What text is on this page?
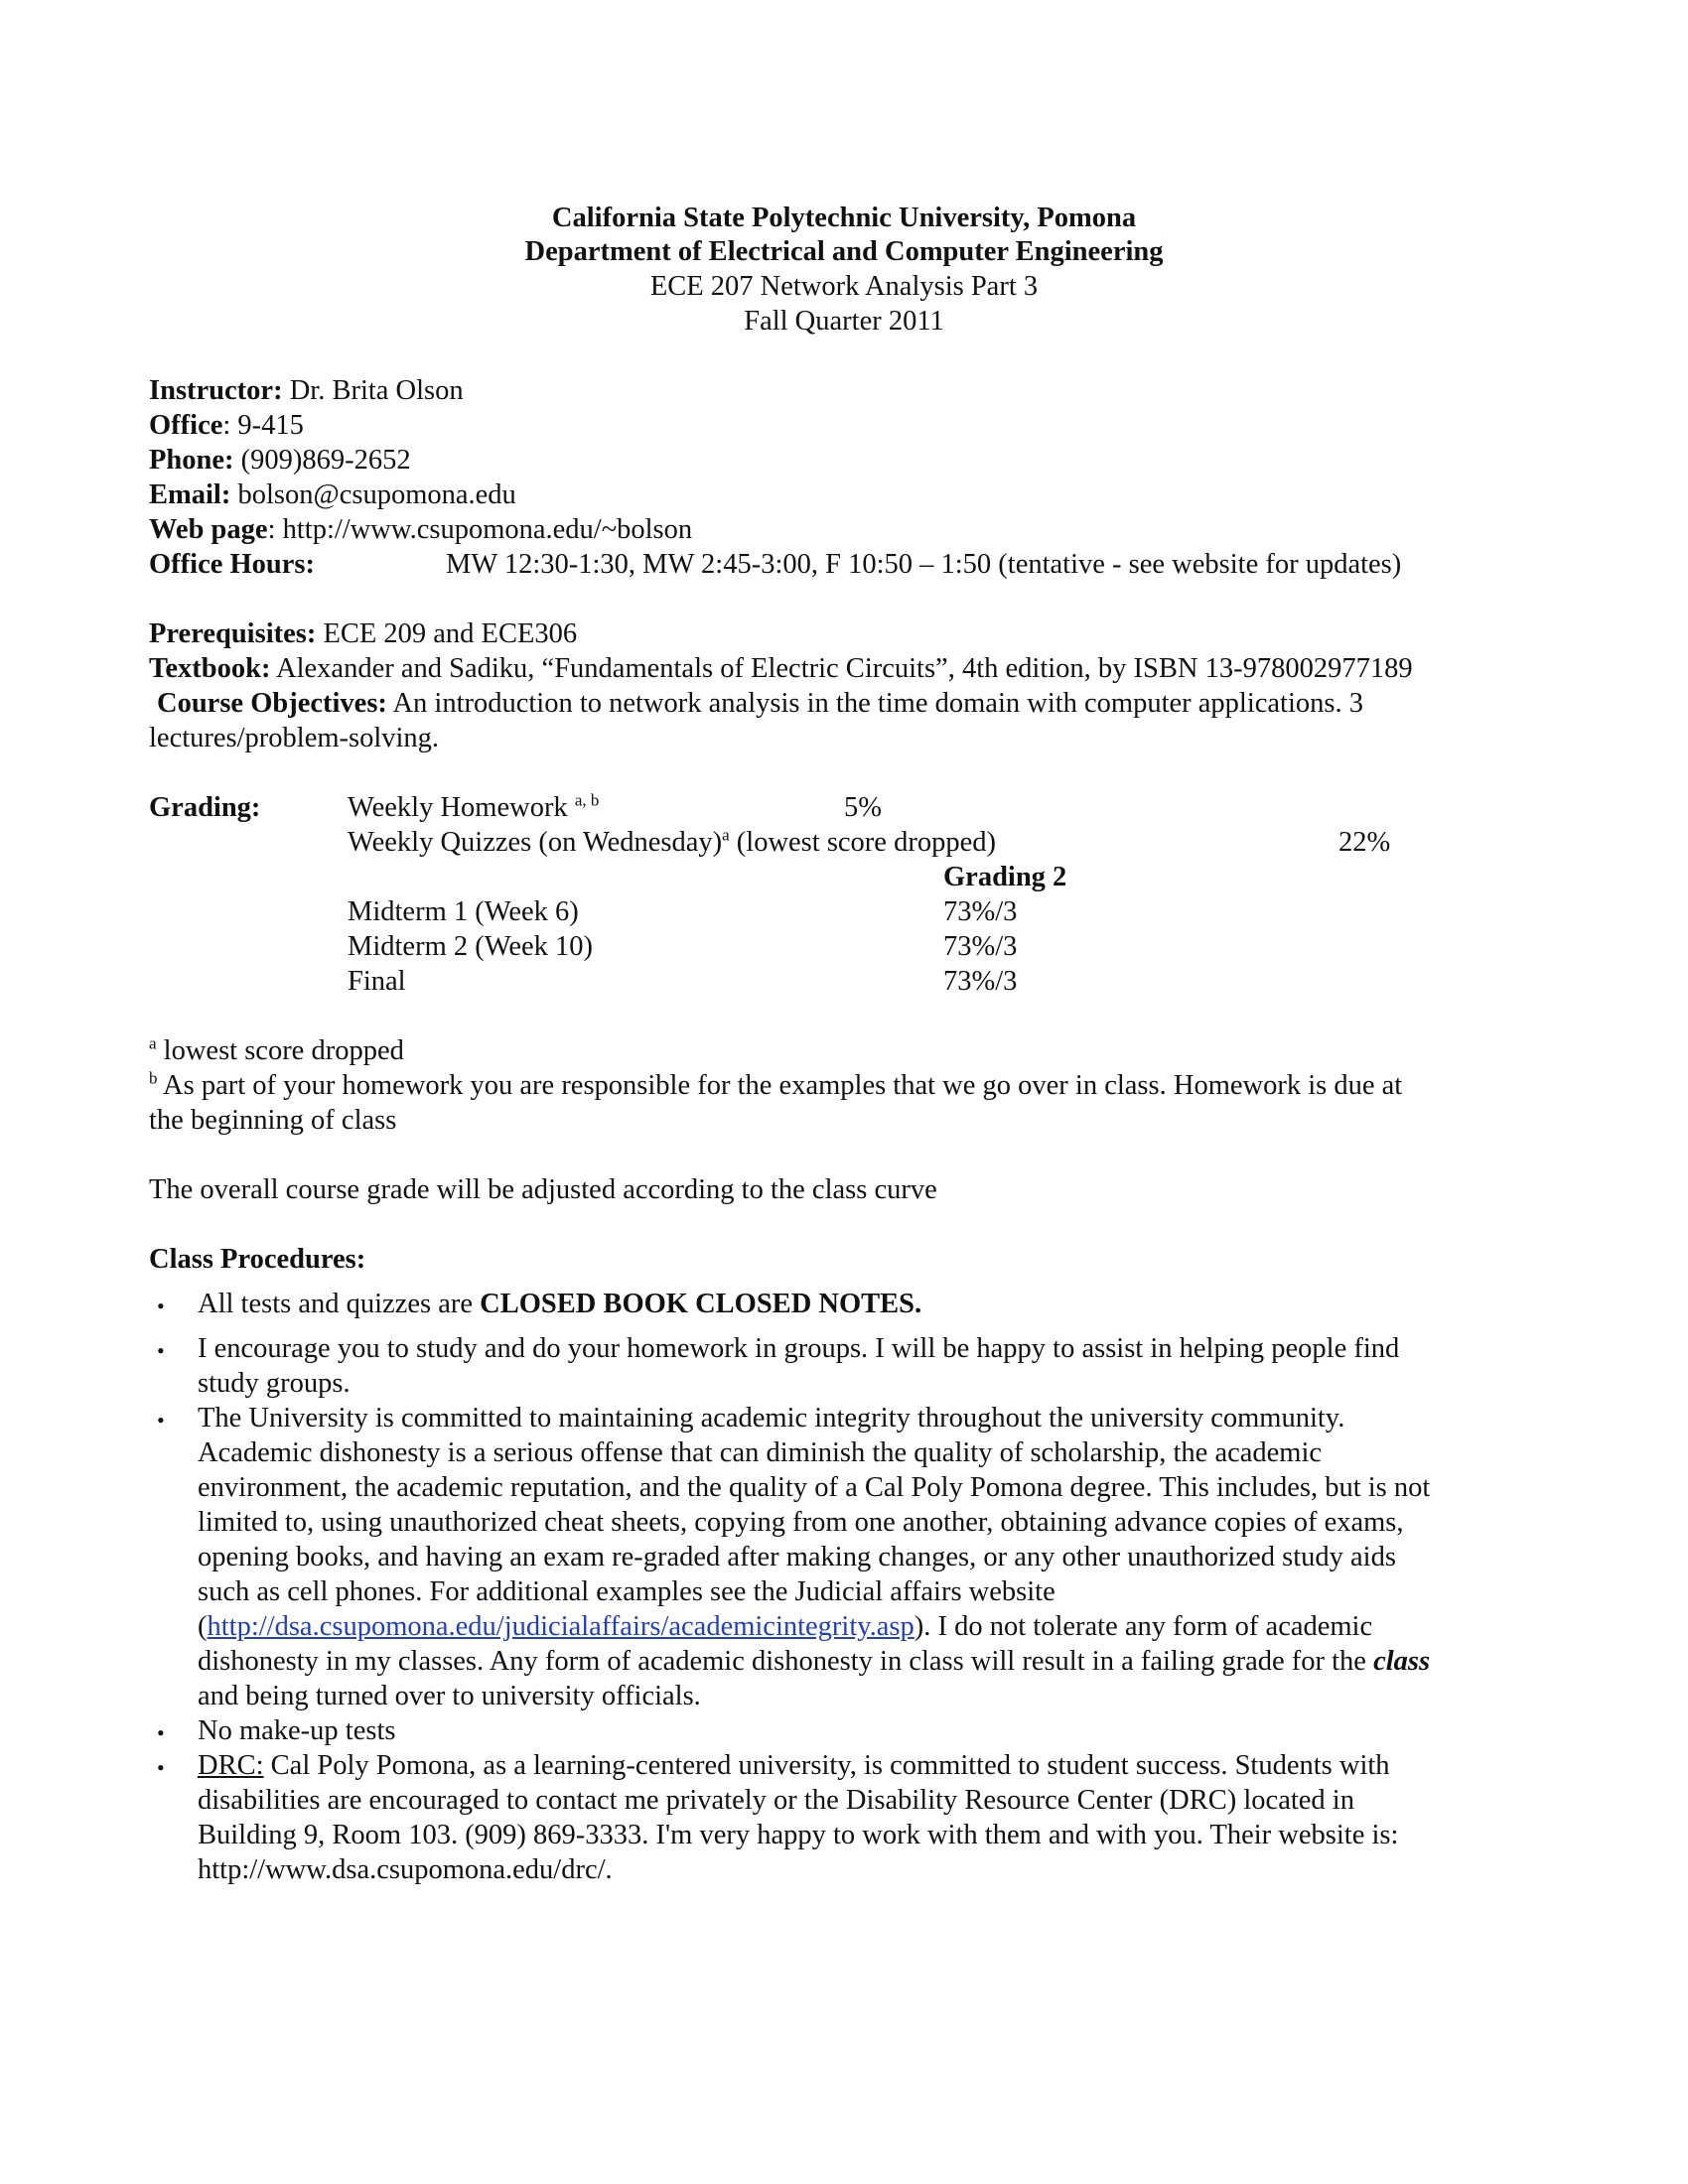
California State Polytechnic University, Pomona
Department of Electrical and Computer Engineering
ECE 207 Network Analysis Part 3
Fall Quarter 2011
Instructor: Dr. Brita Olson
Office: 9-415
Phone: (909)869-2652
Email: bolson@csupomona.edu
Web page: http://www.csupomona.edu/~bolson
Office Hours:	MW 12:30-1:30, MW 2:45-3:00, F 10:50 – 1:50 (tentative - see website for updates)
Prerequisites: ECE 209 and ECE306
Textbook: Alexander and Sadiku, “Fundamentals of Electric Circuits”, 4th edition, by ISBN 13-978002977189
Course Objectives: An introduction to network analysis in the time domain with computer applications. 3
lectures/problem-solving.
Grading:	Weekly Homework $^{a, b}$	5%
Weekly Quizzes (on Wednesday)$^a$ (lowest score dropped)	22%
Grading 2
Midterm 1 (Week 6)	73%/3
Midterm 2 (Week 10)	73%/3
Final	73%/3
$^a$ lowest score dropped
$^b$ As part of your homework you are responsible for the examples that we go over in class. Homework is due at
the beginning of class
The overall course grade will be adjusted according to the class curve
Class Procedures:
• All tests and quizzes are CLOSED BOOK CLOSED NOTES.
• I encourage you to study and do your homework in groups. I will be happy to assist in helping people find
study groups.
• The University is committed to maintaining academic integrity throughout the university community.
Academic dishonesty is a serious offense that can diminish the quality of scholarship, the academic
environment, the academic reputation, and the quality of a Cal Poly Pomona degree. This includes, but is not
limited to, using unauthorized cheat sheets, copying from one another, obtaining advance copies of exams,
opening books, and having an exam re-graded after making changes, or any other unauthorized study aids
such as cell phones. For additional examples see the Judicial affairs website
(http://dsa.csupomona.edu/judicialaffairs/academicintegrity.asp). I do not tolerate any form of academic
dishonesty in my classes. Any form of academic dishonesty in class will result in a failing grade for the class
and being turned over to university officials.
• No make-up tests
• DRC: Cal Poly Pomona, as a learning-centered university, is committed to student success. Students with
disabilities are encouraged to contact me privately or the Disability Resource Center (DRC) located in
Building 9, Room 103. (909) 869-3333. I'm very happy to work with them and with you. Their website is:
http://www.dsa.csupomona.edu/drc/.
